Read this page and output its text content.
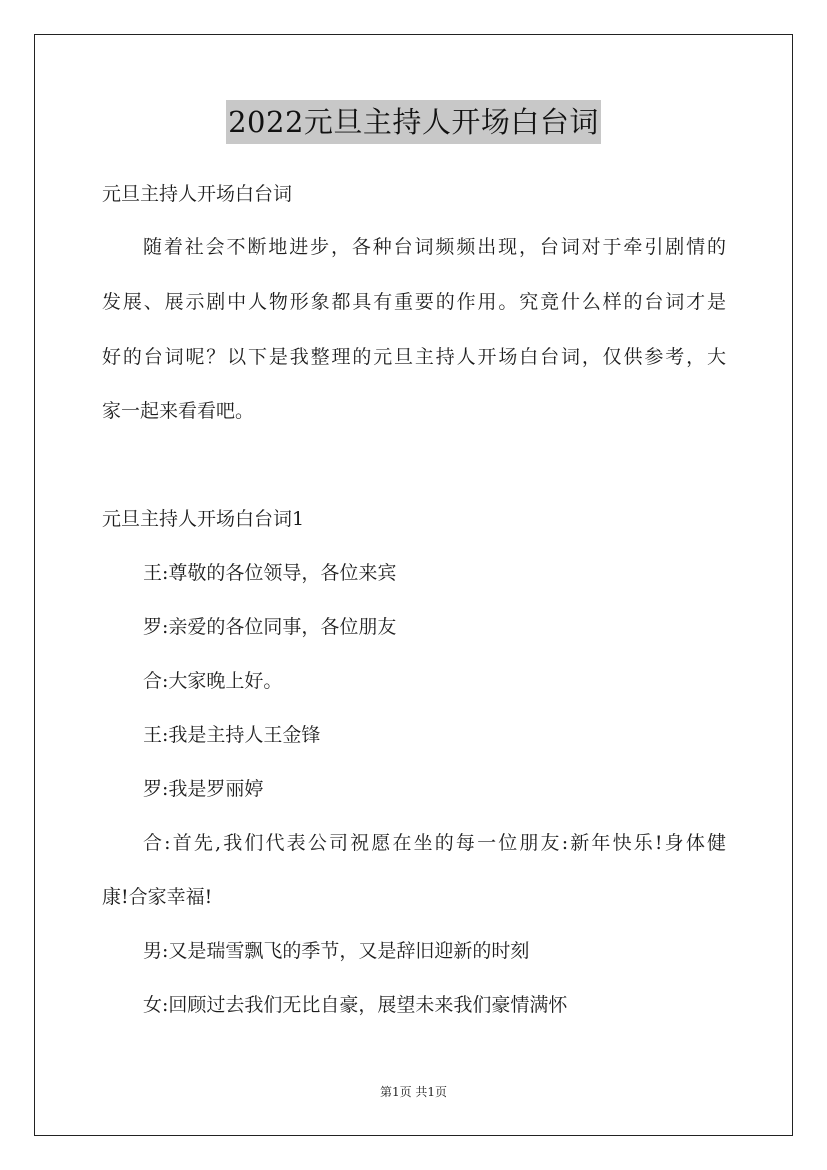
2022元旦主持人开场白台词
元旦主持人开场白台词
随着社会不断地进步，各种台词频频出现，台词对于牵引剧情的
发展、展示剧中人物形象都具有重要的作用。究竟什么样的台词才是
好的台词呢？以下是我整理的元旦主持人开场白台词，仅供参考，大
家一起来看看吧。
元旦主持人开场白台词1
王:尊敬的各位领导，各位来宾
罗:亲爱的各位同事，各位朋友
合:大家晚上好。
王:我是主持人王金锋
罗:我是罗丽婷
合:首先,我们代表公司祝愿在坐的每一位朋友:新年快乐!身体健
康!合家幸福!
男:又是瑞雪飘飞的季节，又是辞旧迎新的时刻
女:回顾过去我们无比自豪，展望未来我们豪情满怀
第1页 共1页
